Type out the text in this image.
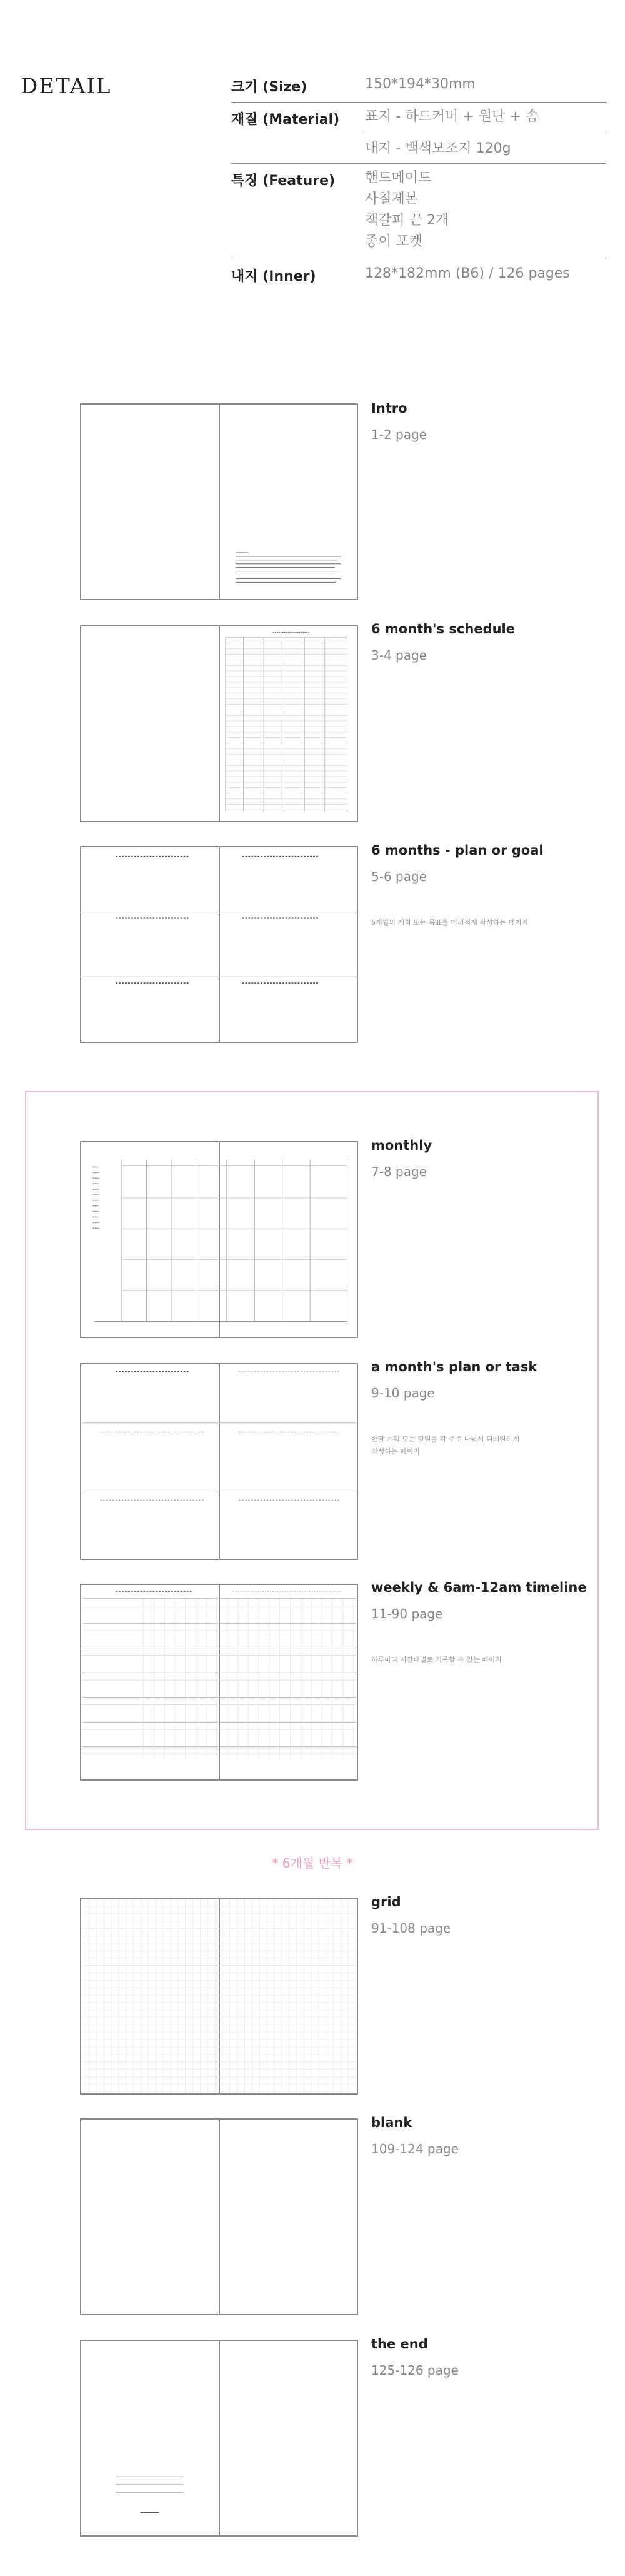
DETAIL	크기 (Size)	150*194*30mm
재질 (Material)	표지 - 하드커버 + 원단 + 솜
내지 - 백색모조지 120g
특징 (Feature)	핸드메이드
사철제본
책갈피 끈 2개
종이 포켓
내지 (Inner)	128*182mm (B6) / 126 pages
Intro
1-2 page
6 month's schedule
3-4 page
6 months - plan or goal
5-6 page
6개월의 계획 또는 목표를 미리적게 작성하는 페이지
monthly
7-8 page
a month's plan or task
9-10 page
한달 계획 또는 할일을 각 주로 나눠서 디테일하게 작성하는 페이지
weekly & 6am-12am timeline
11-90 page
하루마다 시간대별로 기록할 수 있는 페이지
* 6개월 반복 *
grid
91-108 page
blank
109-124 page
the end
125-126 page
